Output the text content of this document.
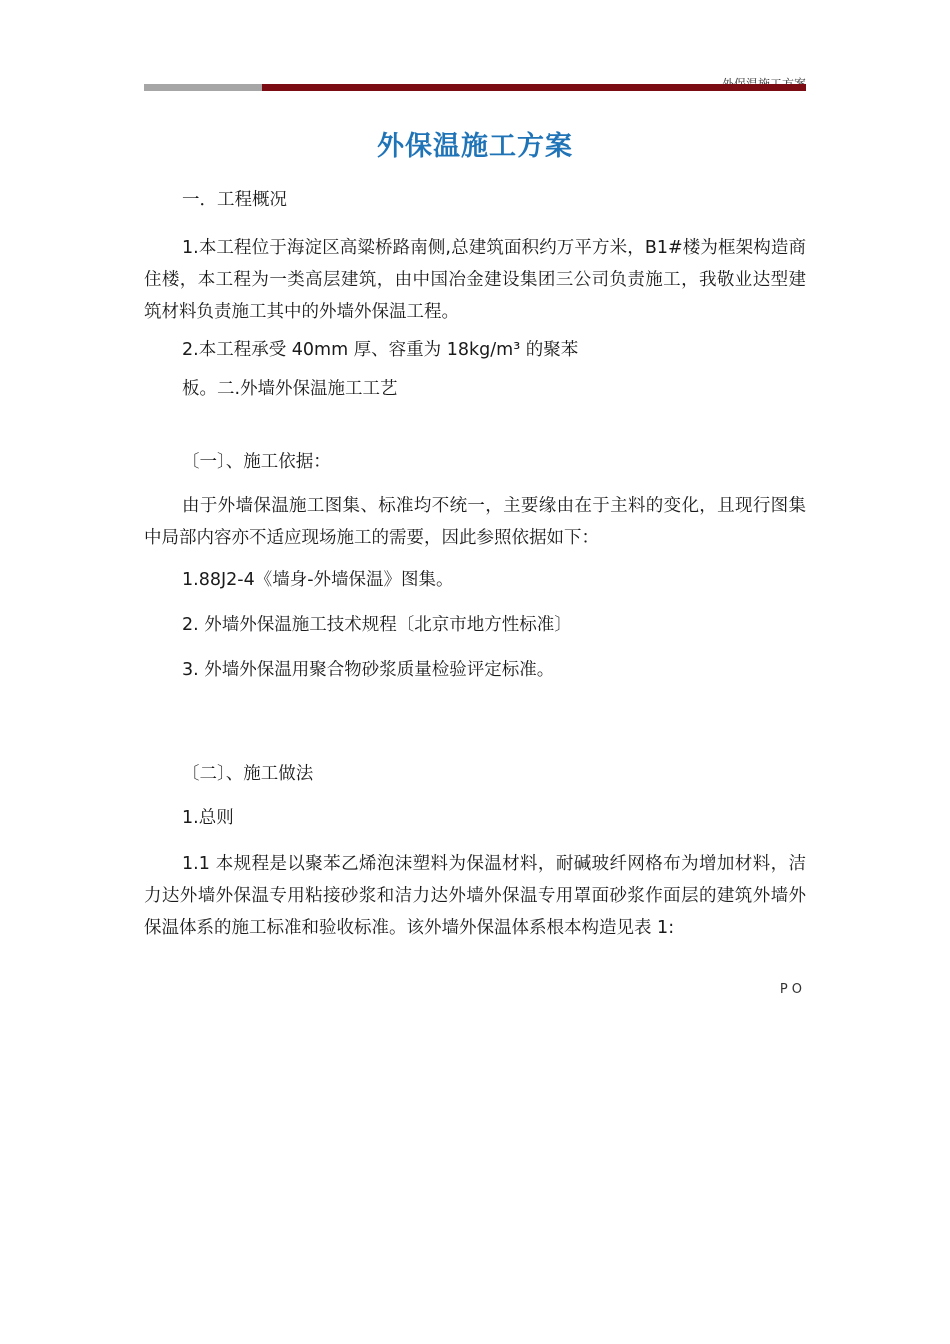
外保温施工方案
一．工程概况
1.本工程位于海淀区高粱桥路南侧,总建筑面积约万平方米，B1#楼为框架构造商住楼，本工程为一类高层建筑，由中国冶金建设集团三公司负责施工，我敬业达型建筑材料负责施工其中的外墙外保温工程。
2.本工程承受 40mm 厚、容重为 18kg/m³ 的聚苯
板。二.外墙外保温施工工艺
〔一〕、施工依据：
由于外墙保温施工图集、标准均不统一，主要缘由在于主料的变化，且现行图集中局部内容亦不适应现场施工的需要，因此参照依据如下：
1.88J2-4《墙身-外墙保温》图集。
2. 外墙外保温施工技术规程〔北京市地方性标准〕
3. 外墙外保温用聚合物砂浆质量检验评定标准。
〔二〕、施工做法
1.总则
1.1 本规程是以聚苯乙烯泡沫塑料为保温材料，耐碱玻纤网格布为增加材料，洁力达外墙外保温专用粘接砂浆和洁力达外墙外保温专用罩面砂浆作面层的建筑外墙外保温体系的施工标准和验收标准。该外墙外保温体系根本构造见表 1:
PO
